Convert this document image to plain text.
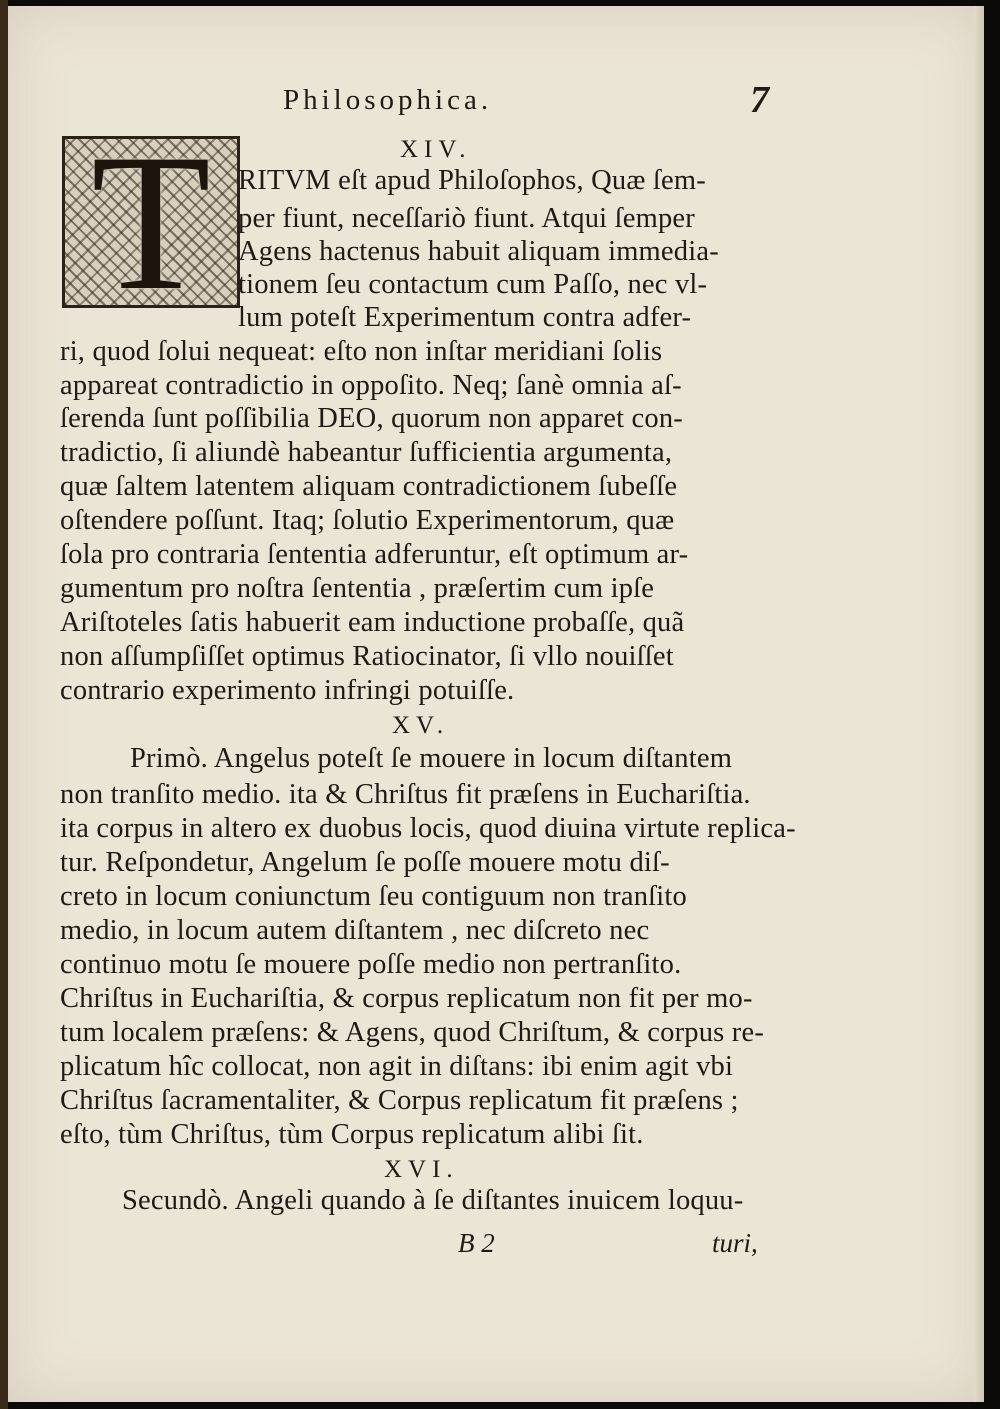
Philosophica.	7
T	XIV.
RITVM eſt apud Philoſophos, Quæ ſem-
per fiunt, neceſſariò fiunt. Atqui ſemper
Agens hactenus habuit aliquam immedia-
tionem ſeu contactum cum Paſſo, nec vl-
lum poteſt Experimentum contra adfer-
ri, quod ſolui nequeat: eſto non inſtar meridiani ſolis
appareat contradictio in oppoſito. Neq; ſanè omnia aſ-
ſerenda ſunt poſſibilia DEO, quorum non apparet con-
tradictio, ſi aliundè habeantur ſufficientia argumenta,
quæ ſaltem latentem aliquam contradictionem ſubeſſe
oſtendere poſſunt. Itaq; ſolutio Experimentorum, quæ
ſola pro contraria ſententia adferuntur, eſt optimum ar-
gumentum pro noſtra ſententia , præſertim cum ipſe
Ariſtoteles ſatis habuerit eam inductione probaſſe, quã
non aſſumpſiſſet optimus Ratiocinator, ſi vllo nouiſſet
contrario experimento infringi potuiſſe.
XV.
Primò. Angelus poteſt ſe mouere in locum diſtantem
non tranſito medio. ita & Chriſtus fit præſens in Euchariſtia.
ita corpus in altero ex duobus locis, quod diuina virtute replica-
tur. Reſpondetur, Angelum ſe poſſe mouere motu diſ-
creto in locum coniunctum ſeu contiguum non tranſito
medio, in locum autem diſtantem , nec diſcreto nec
continuo motu ſe mouere poſſe medio non pertranſito.
Chriſtus in Euchariſtia, & corpus replicatum non fit per mo-
tum localem præſens: & Agens, quod Chriſtum, & corpus re-
plicatum hîc collocat, non agit in diſtans: ibi enim agit vbi
Chriſtus ſacramentaliter, & Corpus replicatum fit præſens ;
eſto, tùm Chriſtus, tùm Corpus replicatum alibi ſit.
XVI.
Secundò. Angeli quando à ſe diſtantes inuicem loquu-
B 2	turi,
